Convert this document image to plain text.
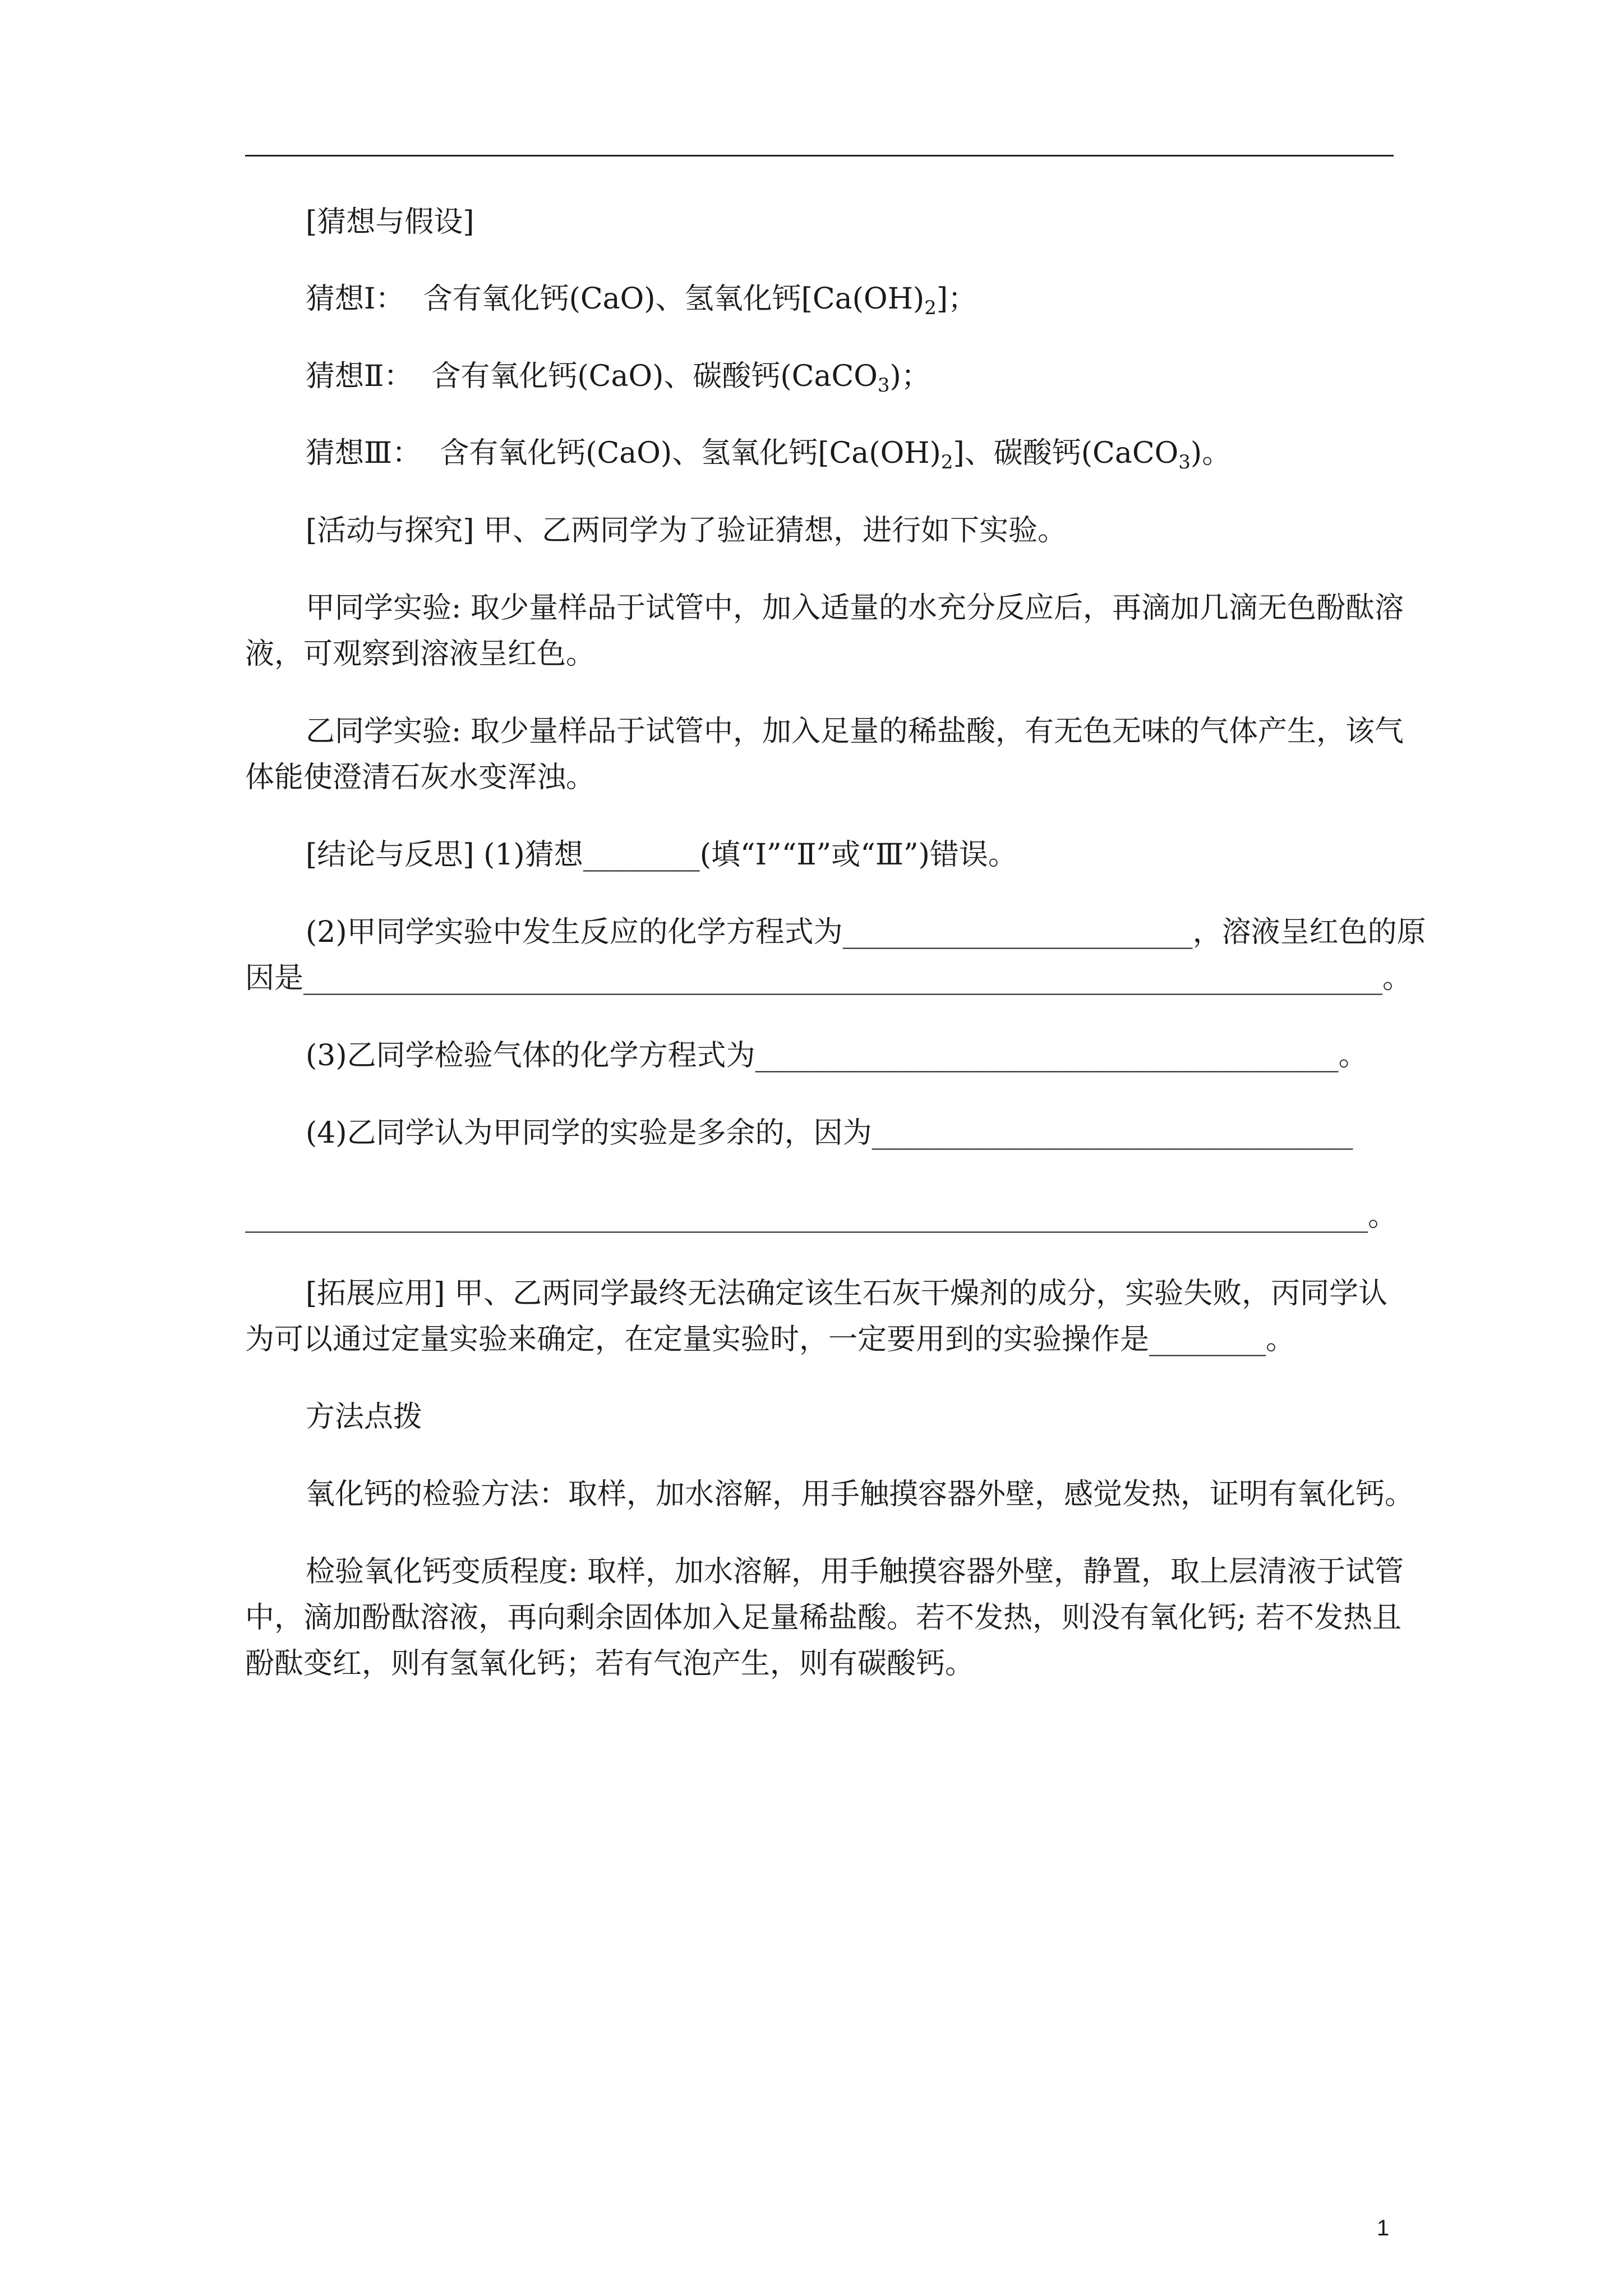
[猜想与假设]
猜想Ⅰ：  含有氧化钙(CaO)、氢氧化钙$[Ca(OH)_2]$；
猜想Ⅱ：  含有氧化钙(CaO)、碳酸钙(CaCO$_3$)；
猜想Ⅲ：  含有氧化钙(CaO)、氢氧化钙$[Ca(OH)_2]$、碳酸钙(CaCO$_3$)。
[活动与探究] 甲、乙两同学为了验证猜想，进行如下实验。
甲同学实验: 取少量样品于试管中，加入适量的水充分反应后，再滴加几滴无色酚酞溶
液，可观察到溶液呈红色。
乙同学实验: 取少量样品于试管中，加入足量的稀盐酸，有无色无味的气体产生，该气
体能使澄清石灰水变浑浊。
[结论与反思] (1)猜想________(填“Ⅰ”“Ⅱ”或“Ⅲ”)错误。
(2)甲同学实验中发生反应的化学方程式为________________________，溶液呈红色的原
因是__________________________________________________________________________。
(3)乙同学检验气体的化学方程式为________________________________________。
(4)乙同学认为甲同学的实验是多余的，因为_________________________________
_____________________________________________________________________________。
[拓展应用] 甲、乙两同学最终无法确定该生石灰干燥剂的成分，实验失败，丙同学认
为可以通过定量实验来确定，在定量实验时，一定要用到的实验操作是________。
方法点拨
氧化钙的检验方法：取样，加水溶解，用手触摸容器外壁，感觉发热，证明有氧化钙。
检验氧化钙变质程度: 取样，加水溶解，用手触摸容器外壁，静置，取上层清液于试管
中，滴加酚酞溶液，再向剩余固体加入足量稀盐酸。若不发热，则没有氧化钙; 若不发热且
酚酞变红，则有氢氧化钙；若有气泡产生，则有碳酸钙。
1
